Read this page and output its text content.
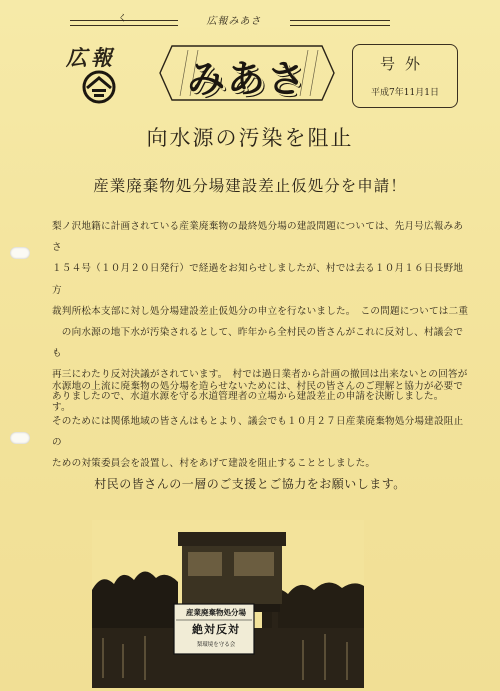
く	広報みあさ
広報	みあさ	号外
平成7年11月1日
向水源の汚染を阻止
産業廃棄物処分場建設差止仮処分を申請！
梨ノ沢地籍に計画されている産業廃棄物の最終処分場の建設問題については、先月号広報みあさ
１５４号（１０月２０日発行）で経過をお知らせしましたが、村では去る１０月１６日長野地方
裁判所松本支部に対し処分場建設差止仮処分の申立を行ないました。　この問題については二重
　の向水源の地下水が汚染されるとして、昨年から全村民の皆さんがこれに反対し、村議会でも
再三にわたり反対決議がされています。　村では過日業者から計画の撤回は出来ないとの回答が
ありましたので、水道水源を守る水道管理者の立場から建設差止の申請を決断しました。
水源地の上流に廃棄物の処分場を造らせないためには、村民の皆さんのご理解と協力が必要です。
そのためには関係地域の皆さんはもとより、議会でも１０月２７日産業廃棄物処分場建設阻止の
ための対策委員会を設置し、村をあげて建設を阻止することとしました。
村民の皆さんの一層のご支援とご協力をお願いします。
産業廃棄物処分場
絶対反対
梨環境を守る会
